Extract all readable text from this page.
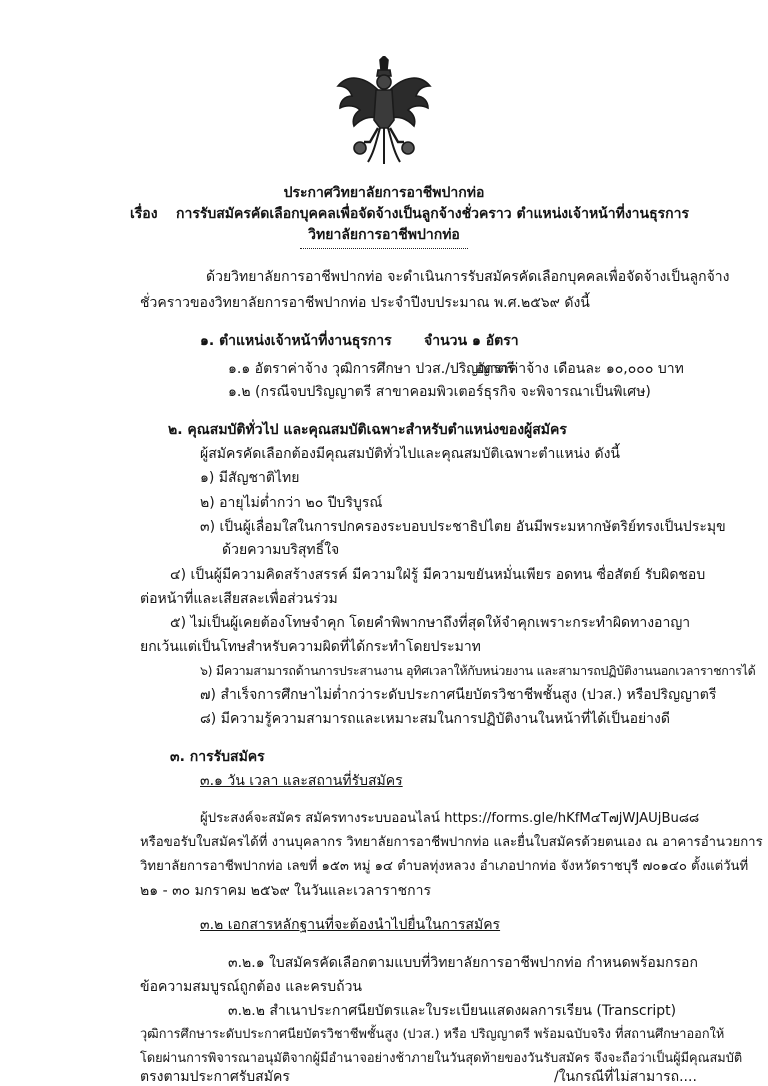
ประกาศวิทยาลัยการอาชีพปากท่อ
เรื่อง การรับสมัครคัดเลือกบุคคลเพื่อจัดจ้างเป็นลูกจ้างชั่วคราว ตำแหน่งเจ้าหน้าที่งานธุรการ
วิทยาลัยการอาชีพปากท่อ
ด้วยวิทยาลัยการอาชีพปากท่อ จะดำเนินการรับสมัครคัดเลือกบุคคลเพื่อจัดจ้างเป็นลูกจ้าง
ชั่วคราวของวิทยาลัยการอาชีพปากท่อ ประจำปีงบประมาณ พ.ศ.๒๕๖๙ ดังนี้
๑. ตำแหน่งเจ้าหน้าที่งานธุรการ จำนวน ๑ อัตรา
๑.๑ อัตราค่าจ้าง วุฒิการศึกษา ปวส./ปริญญาตรี
อัตราค่าจ้าง เดือนละ ๑๐,๐๐๐ บาท
๑.๒ (กรณีจบปริญญาตรี สาขาคอมพิวเตอร์ธุรกิจ จะพิจารณาเป็นพิเศษ)
๒. คุณสมบัติทั่วไป และคุณสมบัติเฉพาะสำหรับตำแหน่งของผู้สมัคร
ผู้สมัครคัดเลือกต้องมีคุณสมบัติทั่วไปและคุณสมบัติเฉพาะตำแหน่ง ดังนี้
๑) มีสัญชาติไทย
๒) อายุไม่ต่ำกว่า ๒๐ ปีบริบูรณ์
๓) เป็นผู้เลื่อมใสในการปกครองระบอบประชาธิปไตย อันมีพระมหากษัตริย์ทรงเป็นประมุข
ด้วยความบริสุทธิ์ใจ
๔) เป็นผู้มีความคิดสร้างสรรค์ มีความใฝ่รู้ มีความขยันหมั่นเพียร อดทน ซื่อสัตย์ รับผิดชอบ
ต่อหน้าที่และเสียสละเพื่อส่วนร่วม
๕) ไม่เป็นผู้เคยต้องโทษจำคุก โดยคำพิพากษาถึงที่สุดให้จำคุกเพราะกระทำผิดทางอาญา
ยกเว้นแต่เป็นโทษสำหรับความผิดที่ได้กระทำโดยประมาท
๖) มีความสามารถด้านการประสานงาน อุทิศเวลาให้กับหน่วยงาน และสามารถปฏิบัติงานนอกเวลาราชการได้
๗) สำเร็จการศึกษาไม่ต่ำกว่าระดับประกาศนียบัตรวิชาชีพชั้นสูง (ปวส.) หรือปริญญาตรี
๘) มีความรู้ความสามารถและเหมาะสมในการปฏิบัติงานในหน้าที่ได้เป็นอย่างดี
๓. การรับสมัคร
๓.๑ วัน เวลา และสถานที่รับสมัคร
ผู้ประสงค์จะสมัคร สมัครทางระบบออนไลน์ https://forms.gle/hKfM๔T๗jWJAUjBu๘๘
หรือขอรับใบสมัครได้ที่ งานบุคลากร วิทยาลัยการอาชีพปากท่อ และยื่นใบสมัครด้วยตนเอง ณ อาคารอำนวยการ
วิทยาลัยการอาชีพปากท่อ เลขที่ ๑๕๓ หมู่ ๑๔ ตำบลทุ่งหลวง อำเภอปากท่อ จังหวัดราชบุรี ๗๐๑๔๐ ตั้งแต่วันที่
๒๑ - ๓๐ มกราคม ๒๕๖๙ ในวันและเวลาราชการ
๓.๒ เอกสารหลักฐานที่จะต้องนำไปยื่นในการสมัคร
๓.๒.๑ ใบสมัครคัดเลือกตามแบบที่วิทยาลัยการอาชีพปากท่อ กำหนดพร้อมกรอก
ข้อความสมบูรณ์ถูกต้อง และครบถ้วน
๓.๒.๒ สำเนาประกาศนียบัตรและใบระเบียนแสดงผลการเรียน (Transcript)
วุฒิการศึกษาระดับประกาศนียบัตรวิชาชีพชั้นสูง (ปวส.) หรือ ปริญญาตรี พร้อมฉบับจริง ที่สถานศึกษาออกให้
โดยผ่านการพิจารณาอนุมัติจากผู้มีอำนาจอย่างช้าภายในวันสุดท้ายของวันรับสมัคร จึงจะถือว่าเป็นผู้มีคุณสมบัติ
ตรงตามประกาศรับสมัคร	/ในกรณีที่ไม่สามารถ....
